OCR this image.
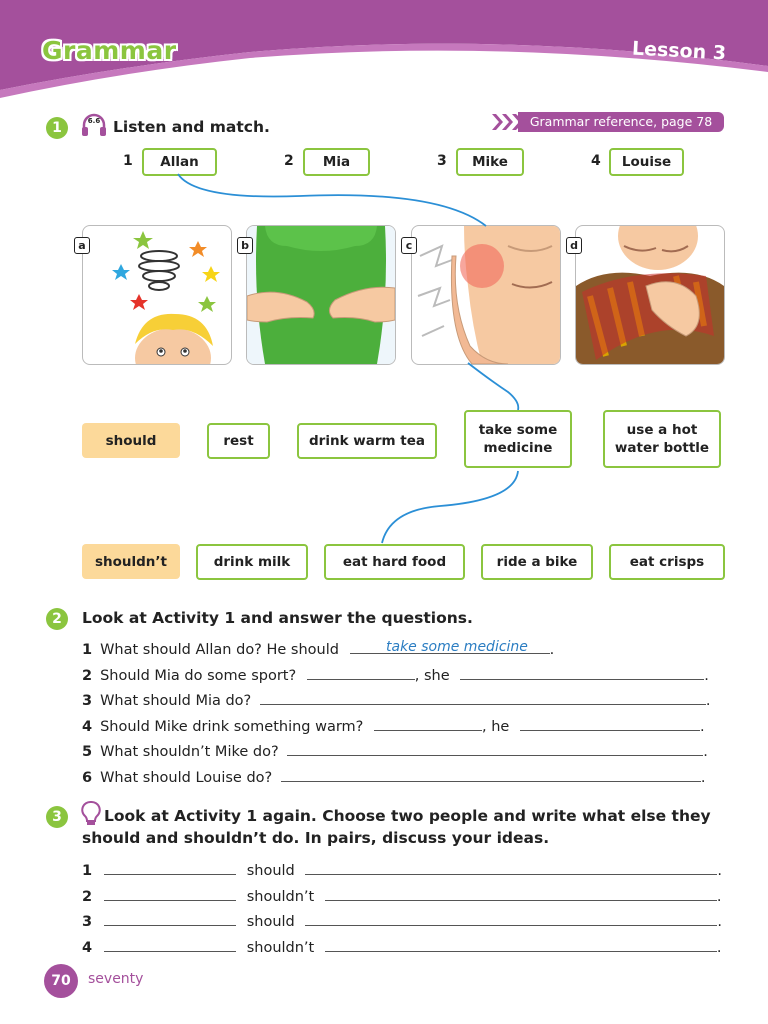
Grammar	Lesson 3
1	6.6 Listen and match.	Grammar reference, page 78
1	Allan	2	Mia	3	Mike	4	Louise
a	b	c	d
should	rest	drink warm tea
take some medicine
use a hot water bottle
shouldn’t	drink milk	eat hard food	ride a bike	eat crisps
2	Look at Activity 1 and answer the questions.
1 What should Allan do? He should	.
take some medicine
2 Should Mia do some sport?	, she	.
3 What should Mia do?	.
4 Should Mike drink something warm?	, he	.
5 What shouldn’t Mike do?	.
6 What should Louise do?	.
3	Look at Activity 1 again. Choose two people and write what else they
should and shouldn’t do. In pairs, discuss your ideas.
1	should	.
2	shouldn’t	.
3	should	.
4	shouldn’t	.
70	seventy
